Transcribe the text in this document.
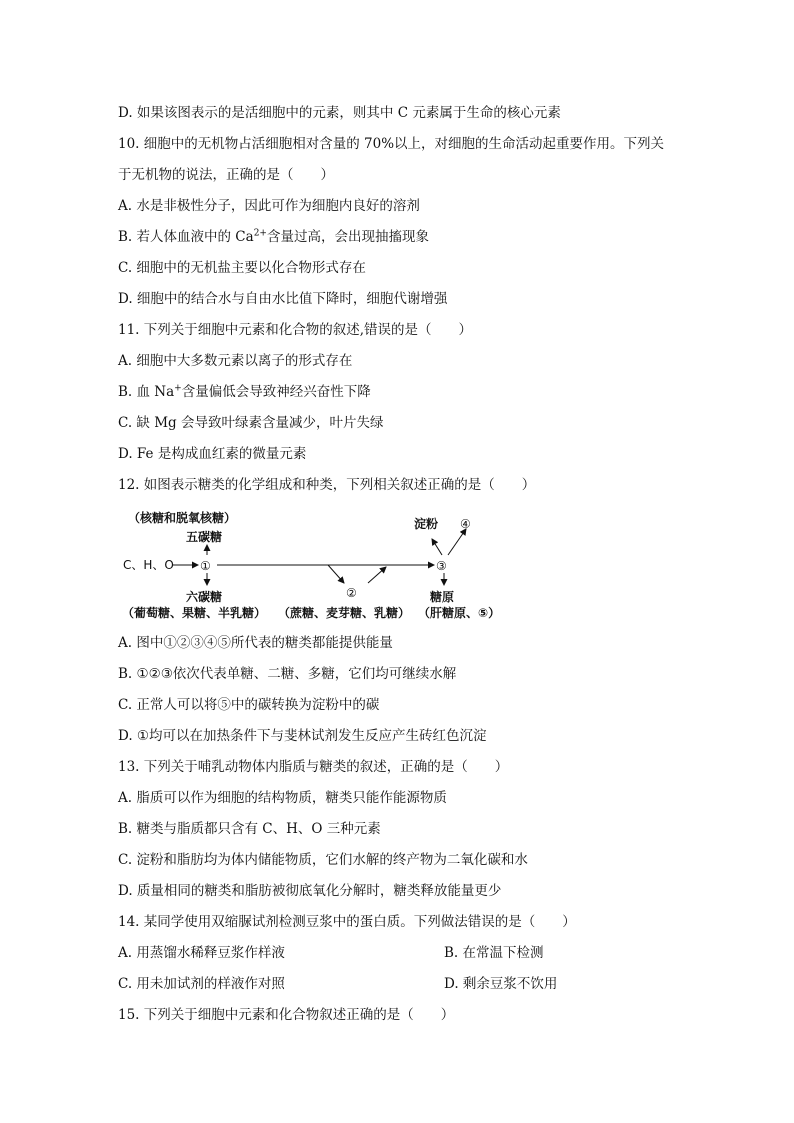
D. 如果该图表示的是活细胞中的元素，则其中 C 元素属于生命的核心元素
10. 细胞中的无机物占活细胞相对含量的 70%以上，对细胞的生命活动起重要作用。下列关
于无机物的说法，正确的是（　　）
A. 水是非极性分子，因此可作为细胞内良好的溶剂
B. 若人体血液中的 $Ca^{2+}$含量过高，会出现抽搐现象
C. 细胞中的无机盐主要以化合物形式存在
D. 细胞中的结合水与自由水比值下降时，细胞代谢增强
11. 下列关于细胞中元素和化合物的叙述,错误的是（　　）
A. 细胞中大多数元素以离子的形式存在
B. 血 Na+含量偏低会导致神经兴奋性下降
C. 缺 Mg 会导致叶绿素含量减少，叶片失绿
D. Fe 是构成血红素的微量元素
12. 如图表示糖类的化学组成和种类，下列相关叙述正确的是（　　）
（核糖和脱氧核糖）
五碳糖
C、H、O ①
②
③
淀粉 ④
六碳糖
（葡萄糖、果糖、半乳糖） （蔗糖、麦芽糖、乳糖）
糖原
（肝糖原、⑤）
A. 图中①②③④⑤所代表的糖类都能提供能量
B. ①②③依次代表单糖、二糖、多糖，它们均可继续水解
C. 正常人可以将⑤中的碳转换为淀粉中的碳
D. ①均可以在加热条件下与斐林试剂发生反应产生砖红色沉淀
13. 下列关于哺乳动物体内脂质与糖类的叙述，正确的是（　　）
A. 脂质可以作为细胞的结构物质，糖类只能作能源物质
B. 糖类与脂质都只含有 C、H、O 三种元素
C. 淀粉和脂肪均为体内储能物质，它们水解的终产物为二氧化碳和水
D. 质量相同的糖类和脂肪被彻底氧化分解时，糖类释放能量更少
14. 某同学使用双缩脲试剂检测豆浆中的蛋白质。下列做法错误的是（　　）
A. 用蒸馏水稀释豆浆作样液	B. 在常温下检测
C. 用未加试剂的样液作对照	D. 剩余豆浆不饮用
15. 下列关于细胞中元素和化合物叙述正确的是（　　）
